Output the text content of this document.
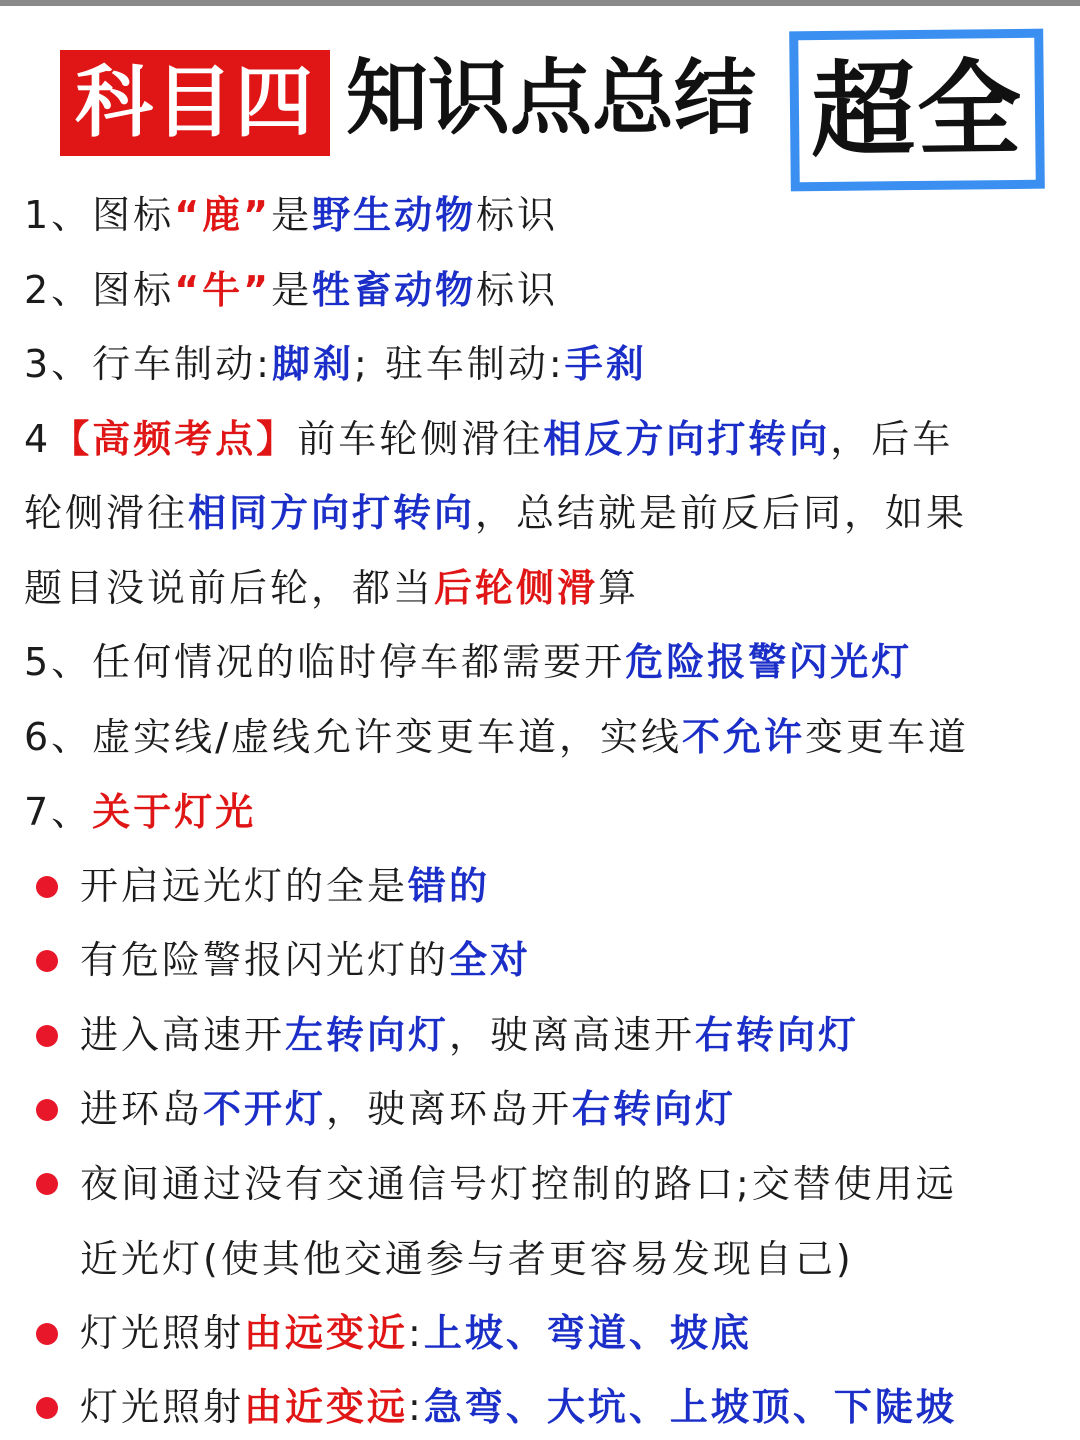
科目四 知识点总结 超全
1、图标“鹿”是野生动物标识
2、图标“牛”是牲畜动物标识
3、行车制动:脚刹; 驻车制动:手刹
4【高频考点】前车轮侧滑往相反方向打转向，后车
轮侧滑往相同方向打转向，总结就是前反后同，如果
题目没说前后轮，都当后轮侧滑算
5、任何情况的临时停车都需要开危险报警闪光灯
6、虚实线/虚线允许变更车道，实线不允许变更车道
7、关于灯光
开启远光灯的全是错的
有危险警报闪光灯的全对
进入高速开左转向灯，驶离高速开右转向灯
进环岛不开灯，驶离环岛开右转向灯
夜间通过没有交通信号灯控制的路口;交替使用远
近光灯(使其他交通参与者更容易发现自己)
灯光照射由远变近:上坡、弯道、坡底
灯光照射由近变远:急弯、大坑、上坡顶、下陡坡
